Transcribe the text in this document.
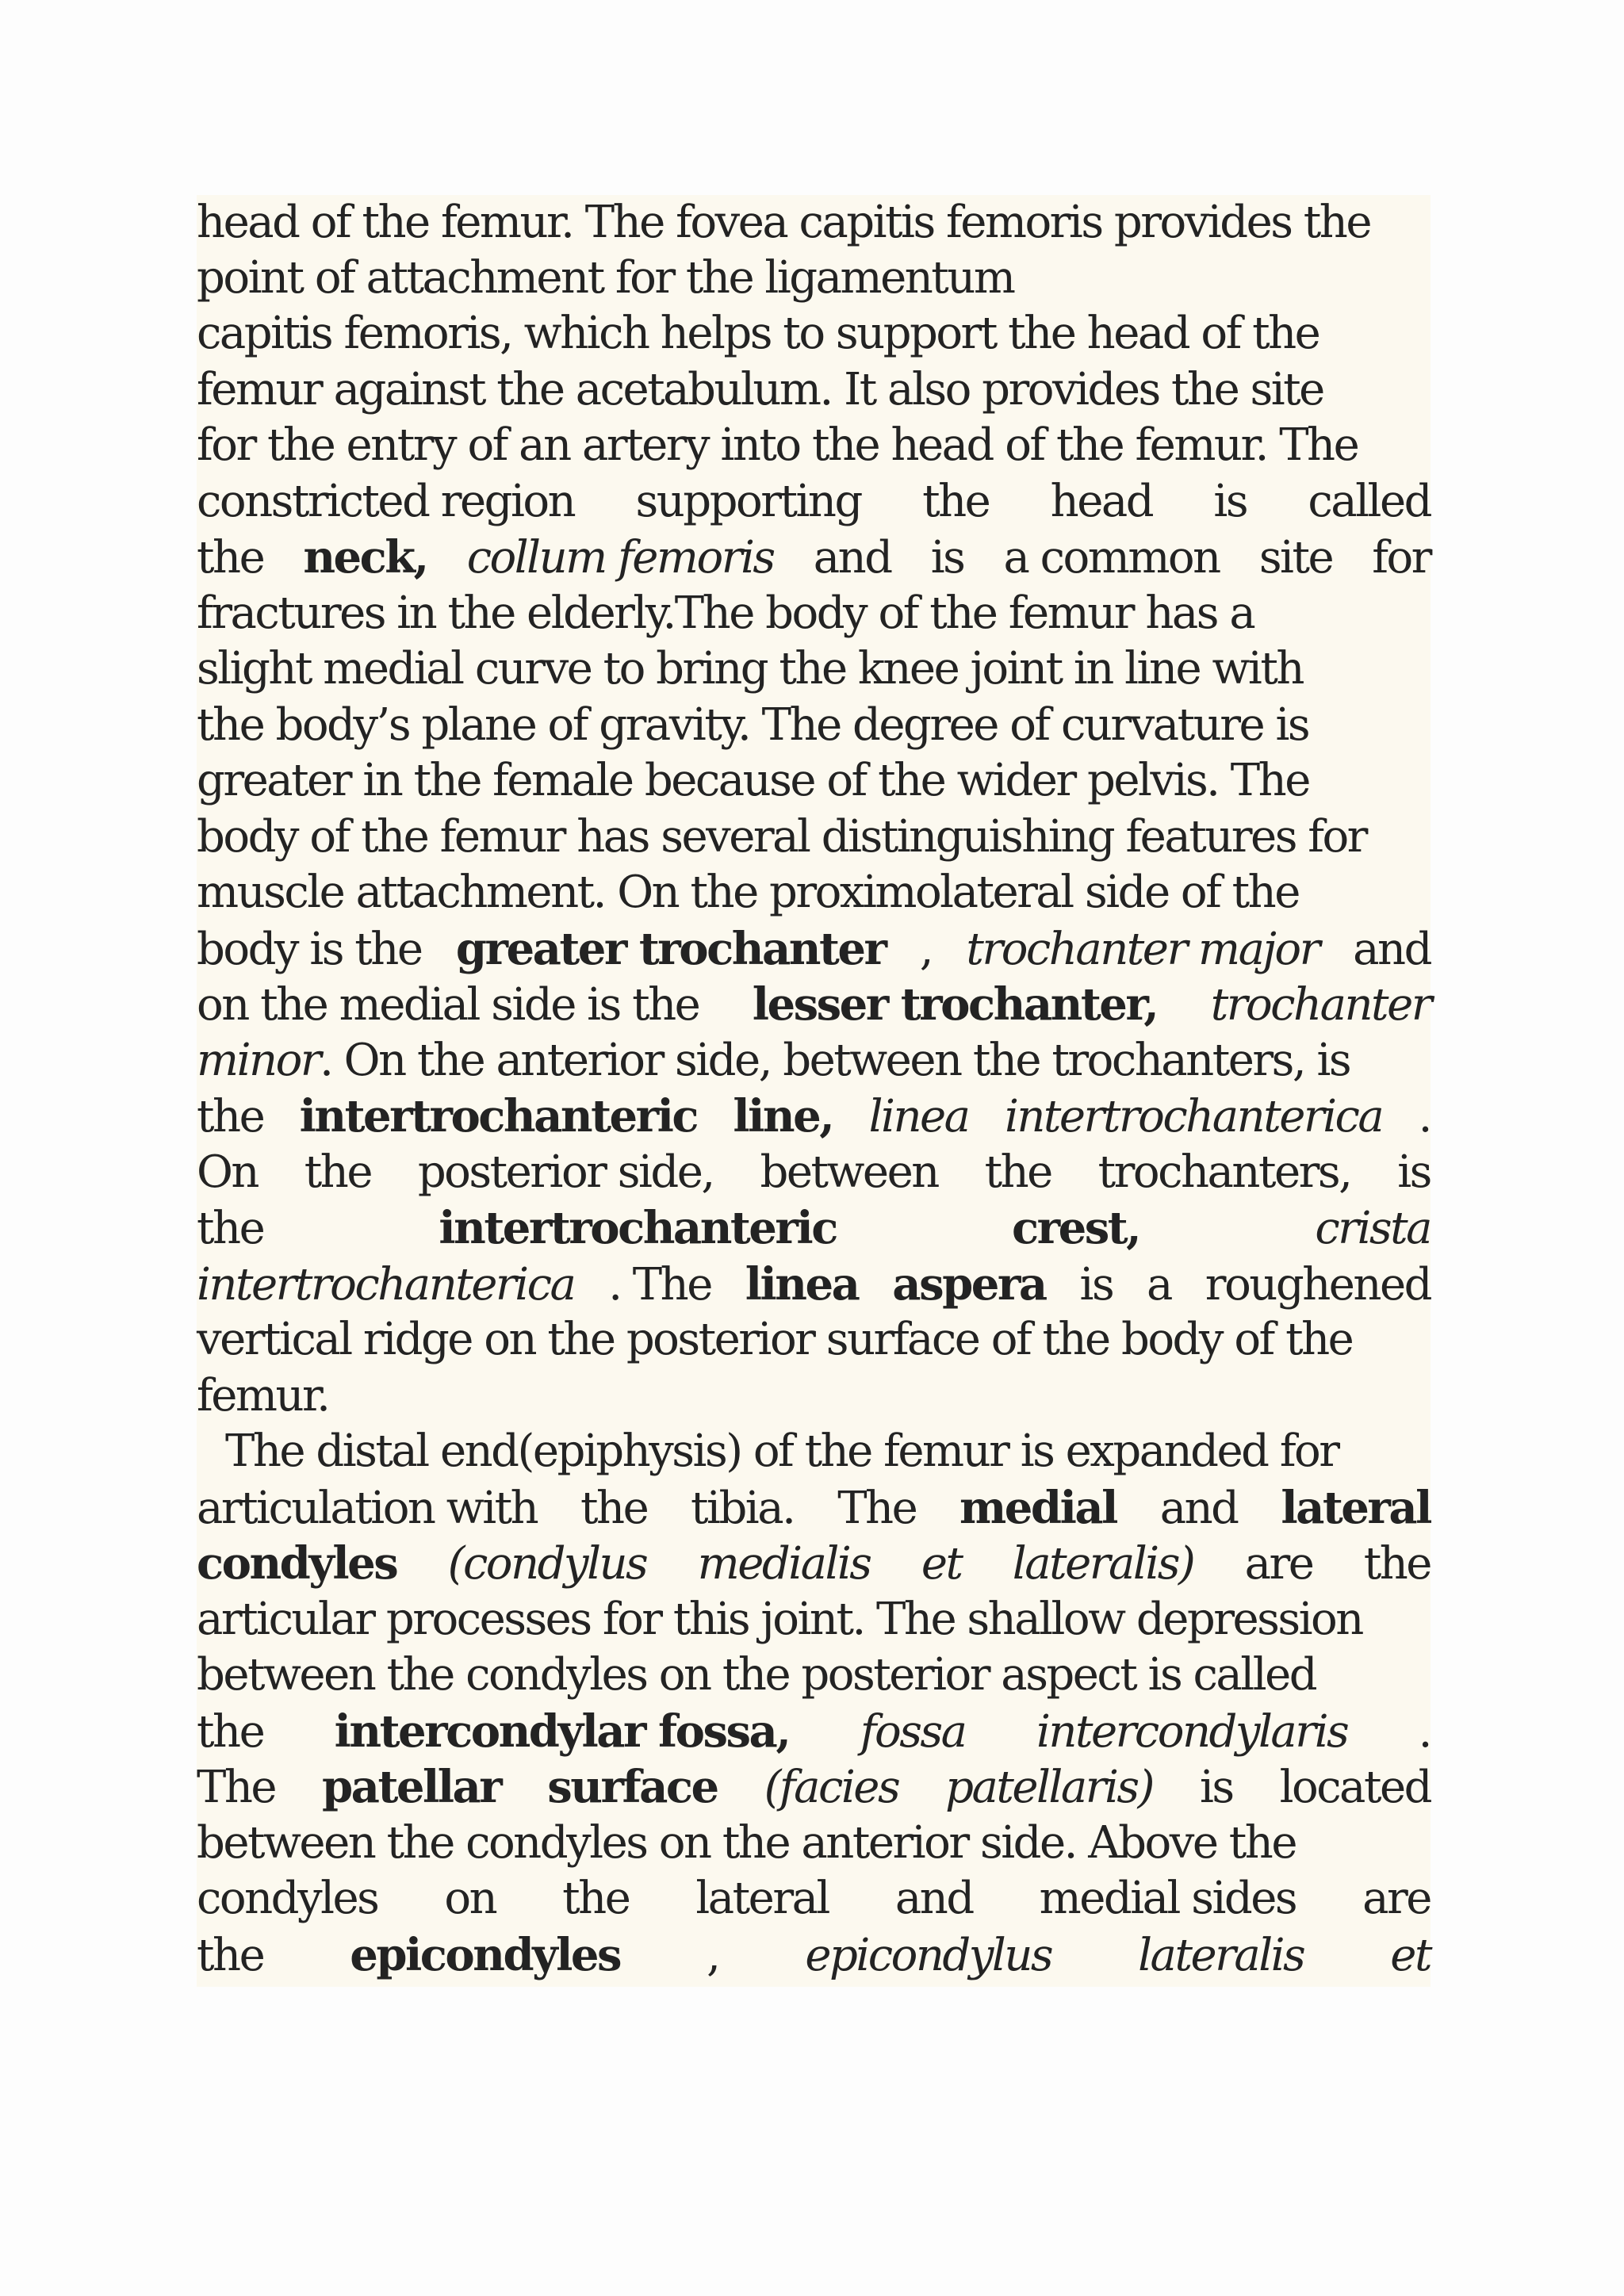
head of the femur. The fovea capitis femoris provides the
point of attachment for the ligamentum
capitis femoris, which helps to support the head of the
femur against the acetabulum. It also provides the site
for the entry of an artery into the head of the femur. The
constricted region supporting the head is called
the neck, collum femoris and is a common site for
fractures in the elderly.The body of the femur has a
slight medial curve to bring the knee joint in line with
the body’s plane of gravity. The degree of curvature is
greater in the female because of the wider pelvis. The
body of the femur has several distinguishing features for
muscle attachment. On the proximolateral side of the
body is the greater trochanter , trochanter major and
on the medial side is the lesser trochanter, trochanter
minor . On the anterior side, between the trochanters, is
the intertrochanteric line, linea intertrochanterica .
On the posterior side, between the trochanters, is
the	intertrochanteric	crest,	crista
intertrochanterica . The linea aspera is a roughened
vertical ridge on the posterior surface of the body of the
femur.
The distal end(epiphysis) of the femur is expanded for
articulation with the tibia. The medial and lateral
condyles (condylus medialis et lateralis) are the
articular processes for this joint. The shallow depression
between the condyles on the posterior aspect is called
the intercondylar fossa, fossa intercondylaris .
The patellar surface (facies patellaris) is located
between the condyles on the anterior side. Above the
condyles on the lateral and medial sides are
the epicondyles , epicondylus lateralis et
